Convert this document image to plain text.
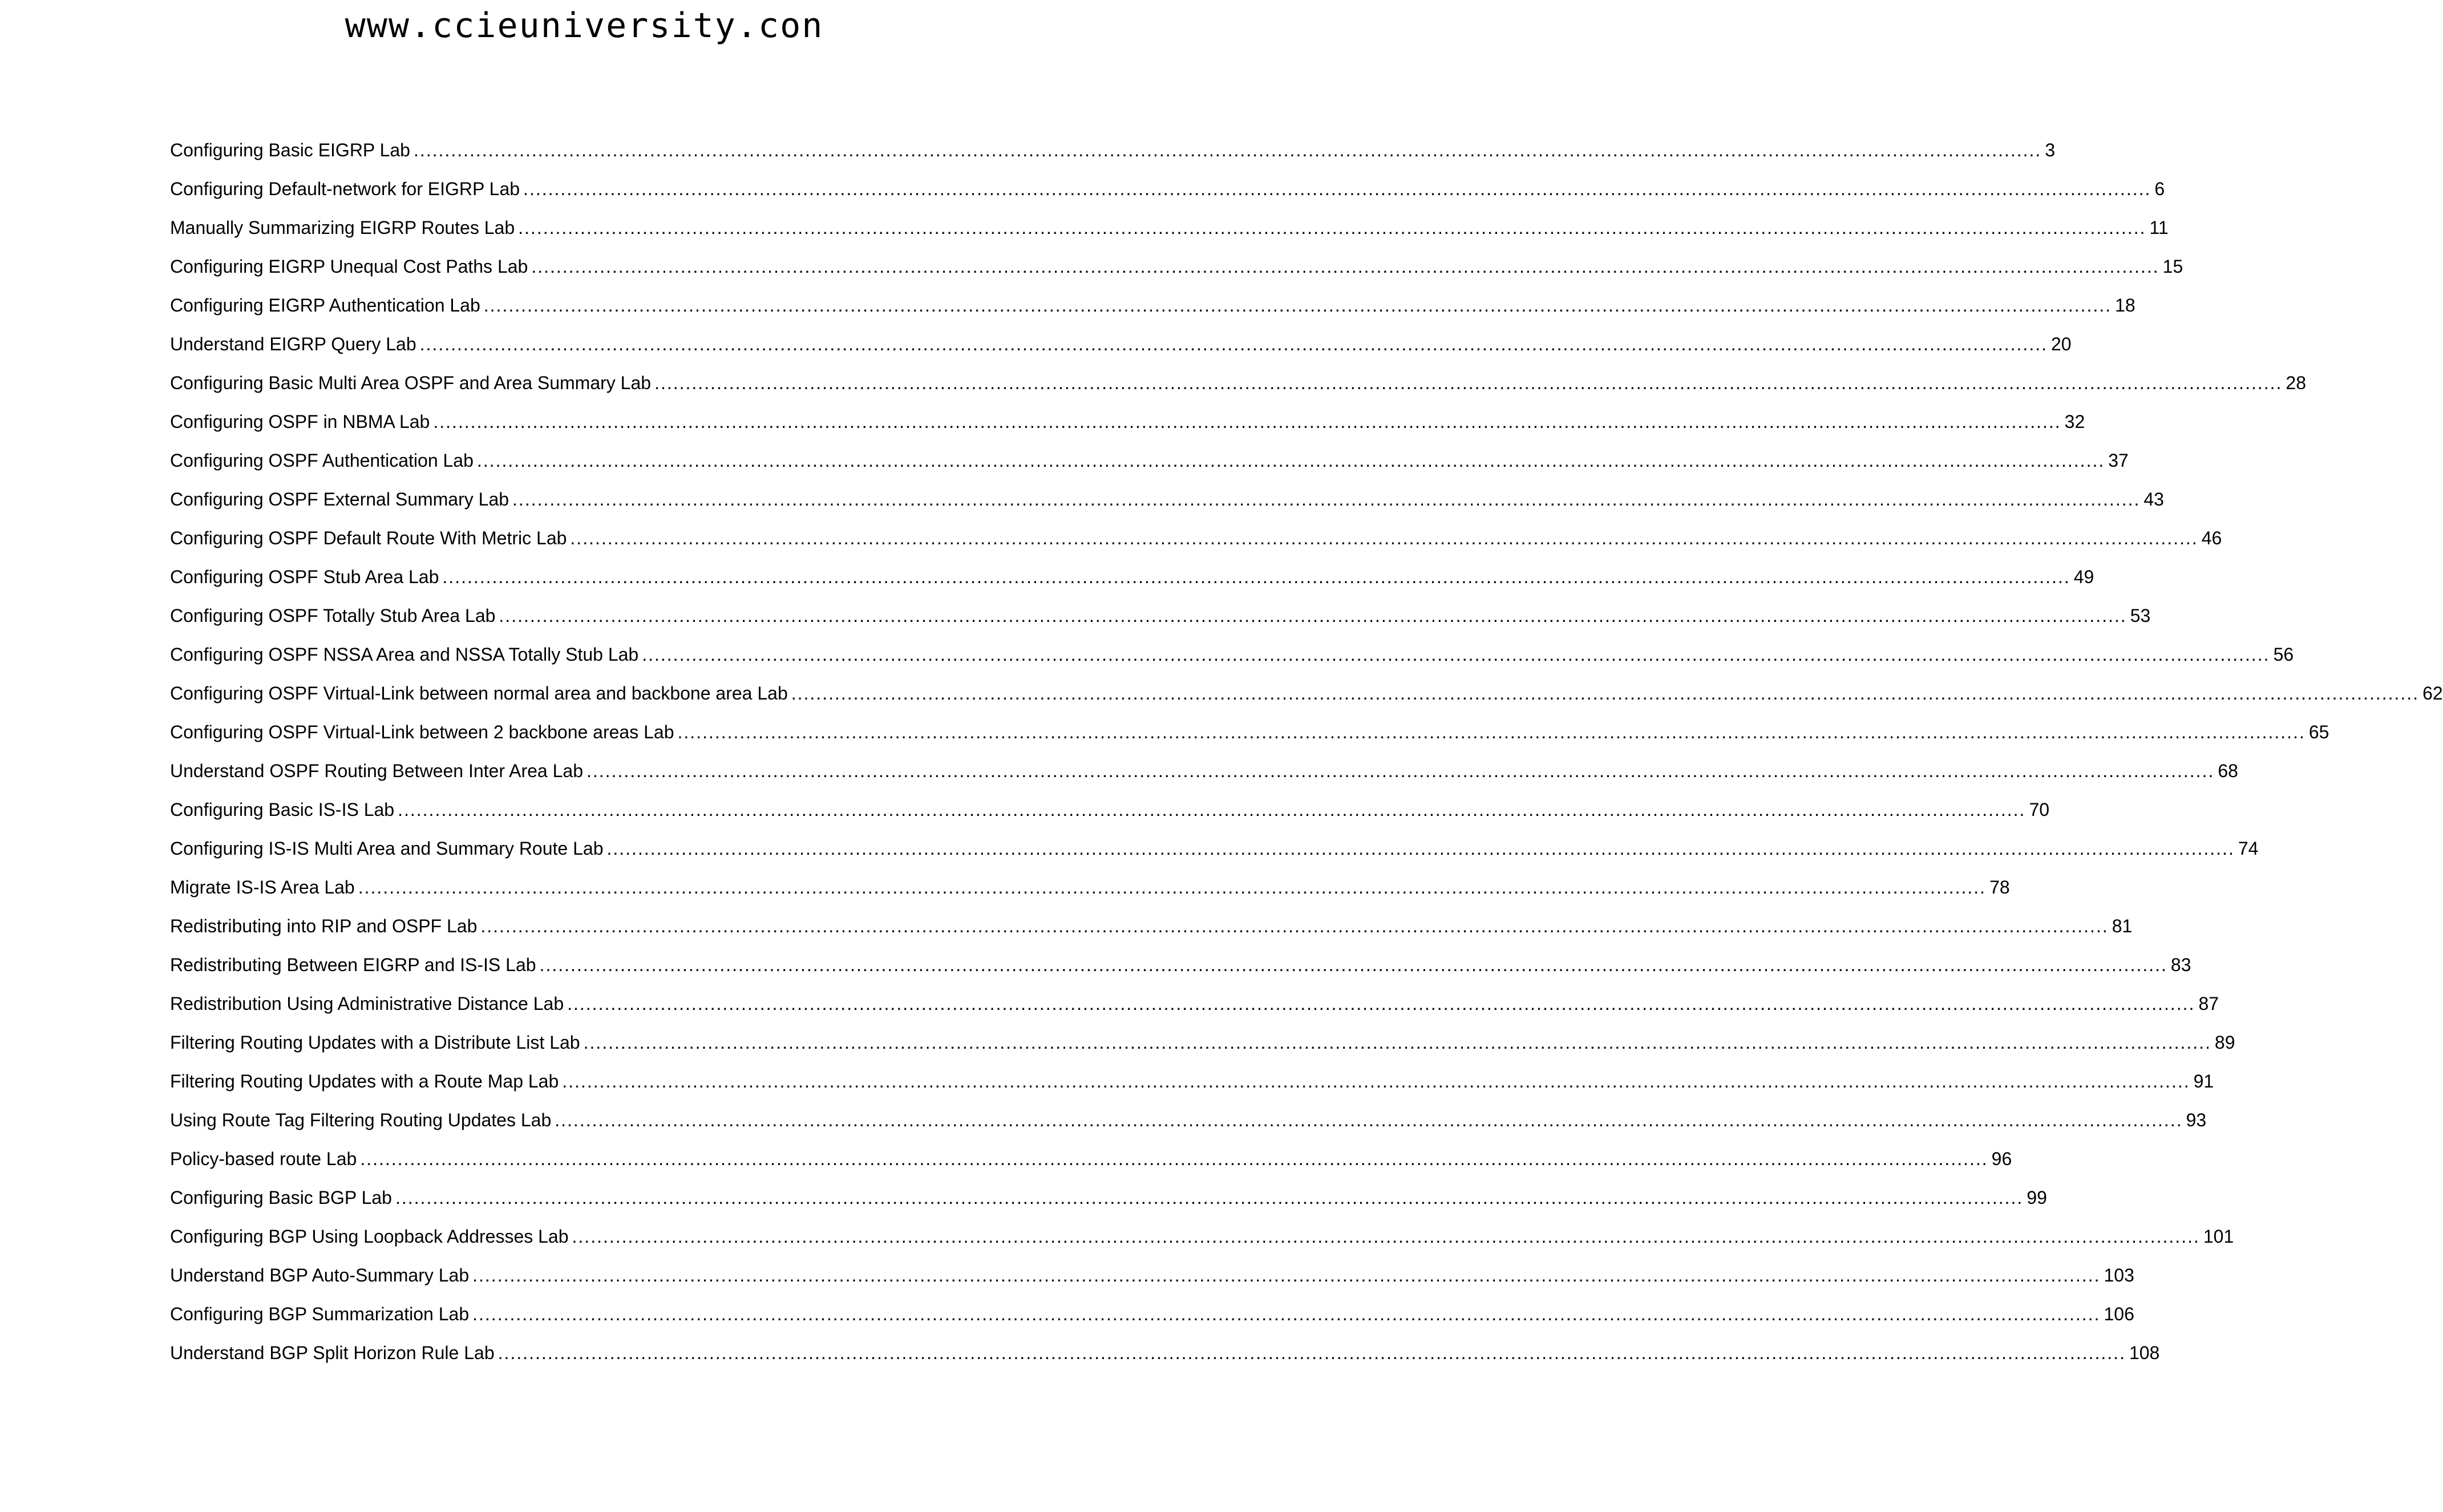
www.ccieuniversity.con
Configuring Basic EIGRP Lab ...................................................................................................................................................................................................................................................................... 3
Configuring Default-network for EIGRP Lab ...................................................................................................................................................................................................................................................................... 6
Manually Summarizing EIGRP Routes Lab ...................................................................................................................................................................................................................................................................... 11
Configuring EIGRP Unequal Cost Paths Lab ...................................................................................................................................................................................................................................................................... 15
Configuring EIGRP Authentication Lab ...................................................................................................................................................................................................................................................................... 18
Understand EIGRP Query Lab ...................................................................................................................................................................................................................................................................... 20
Configuring Basic Multi Area OSPF and Area Summary Lab ...................................................................................................................................................................................................................................................................... 28
Configuring OSPF in NBMA Lab ...................................................................................................................................................................................................................................................................... 32
Configuring OSPF Authentication Lab ...................................................................................................................................................................................................................................................................... 37
Configuring OSPF External Summary Lab ...................................................................................................................................................................................................................................................................... 43
Configuring OSPF Default Route With Metric Lab ...................................................................................................................................................................................................................................................................... 46
Configuring OSPF Stub Area Lab ...................................................................................................................................................................................................................................................................... 49
Configuring OSPF Totally Stub Area Lab ...................................................................................................................................................................................................................................................................... 53
Configuring OSPF NSSA Area and NSSA Totally Stub Lab ...................................................................................................................................................................................................................................................................... 56
Configuring OSPF Virtual-Link between normal area and backbone area Lab ...................................................................................................................................................................................................................................................................... 62
Configuring OSPF Virtual-Link between 2 backbone areas Lab ...................................................................................................................................................................................................................................................................... 65
Understand OSPF Routing Between Inter Area Lab ...................................................................................................................................................................................................................................................................... 68
Configuring Basic IS-IS Lab ...................................................................................................................................................................................................................................................................... 70
Configuring IS-IS Multi Area and Summary Route Lab ...................................................................................................................................................................................................................................................................... 74
Migrate IS-IS Area Lab ...................................................................................................................................................................................................................................................................... 78
Redistributing into RIP and OSPF Lab ...................................................................................................................................................................................................................................................................... 81
Redistributing Between EIGRP and IS-IS Lab ...................................................................................................................................................................................................................................................................... 83
Redistribution Using Administrative Distance Lab ...................................................................................................................................................................................................................................................................... 87
Filtering Routing Updates with a Distribute List Lab ...................................................................................................................................................................................................................................................................... 89
Filtering Routing Updates with a Route Map Lab ...................................................................................................................................................................................................................................................................... 91
Using Route Tag Filtering Routing Updates Lab ...................................................................................................................................................................................................................................................................... 93
Policy-based route Lab ...................................................................................................................................................................................................................................................................... 96
Configuring Basic BGP Lab ...................................................................................................................................................................................................................................................................... 99
Configuring BGP Using Loopback Addresses Lab ...................................................................................................................................................................................................................................................................... 101
Understand BGP Auto-Summary Lab ...................................................................................................................................................................................................................................................................... 103
Configuring BGP Summarization Lab ...................................................................................................................................................................................................................................................................... 106
Understand BGP Split Horizon Rule Lab ...................................................................................................................................................................................................................................................................... 108
